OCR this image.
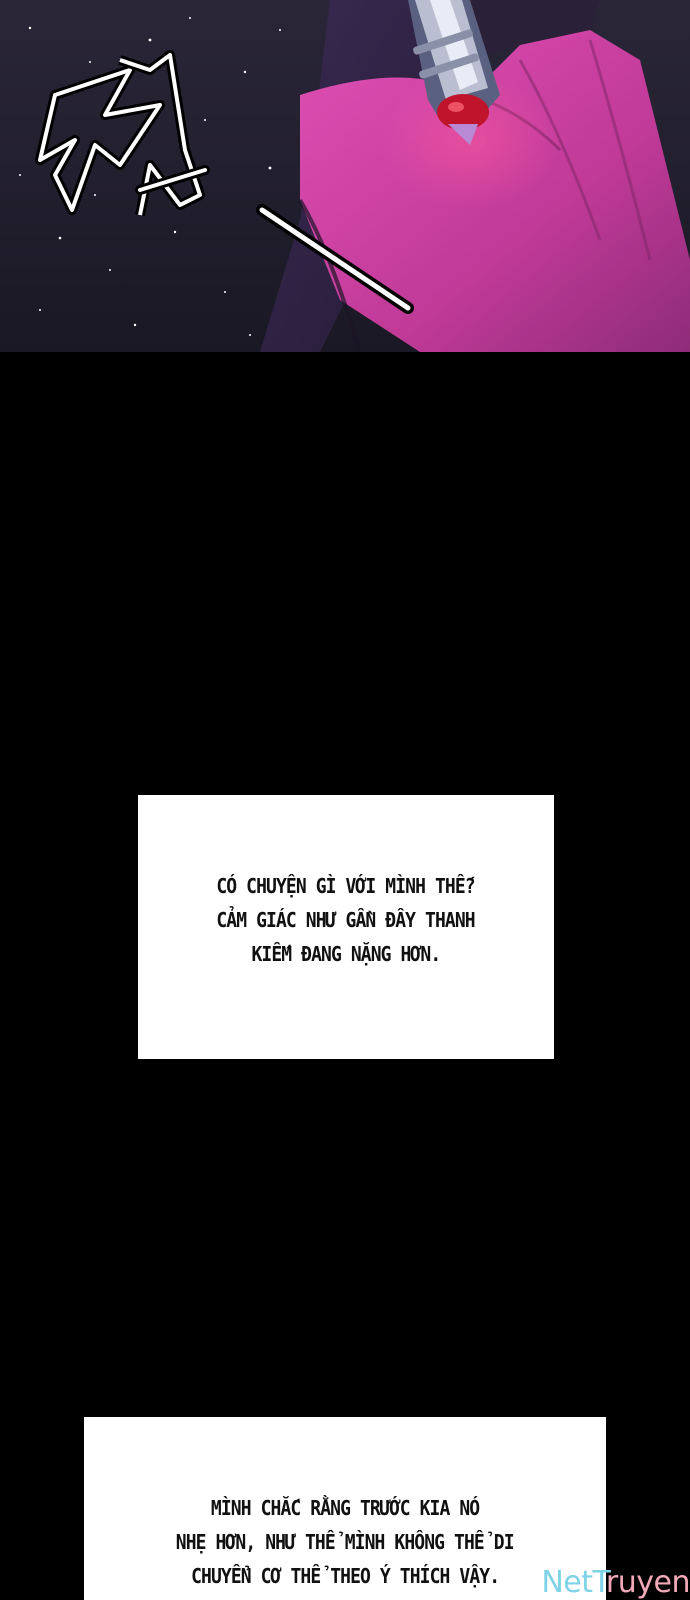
CÓ CHUYỆN GÌ VỚI MÌNH THẾ?
CẢM GIÁC NHƯ GẦN ĐÂY THANH
KIẾM ĐANG NẶNG HƠN.
MÌNH CHẮC RẰNG TRƯỚC KIA NÓ
NHẸ HƠN, NHƯ THỂ MÌNH KHÔNG THỂ DI
CHUYỂN CƠ THỂ THEO Ý THÍCH VẬY. NetTruyen
